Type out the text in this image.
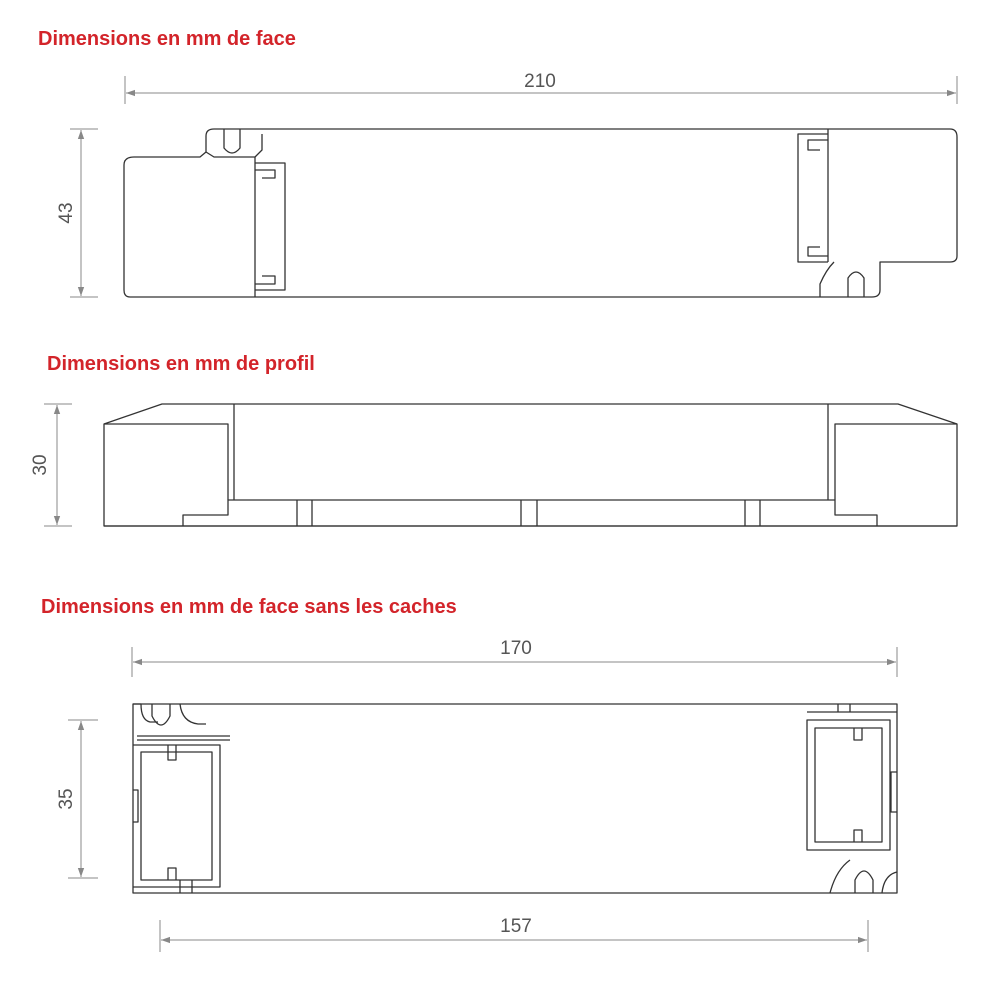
Dimensions en mm de face
Dimensions en mm de profil
Dimensions en mm de face sans les caches
210
43
30
170
35
157
